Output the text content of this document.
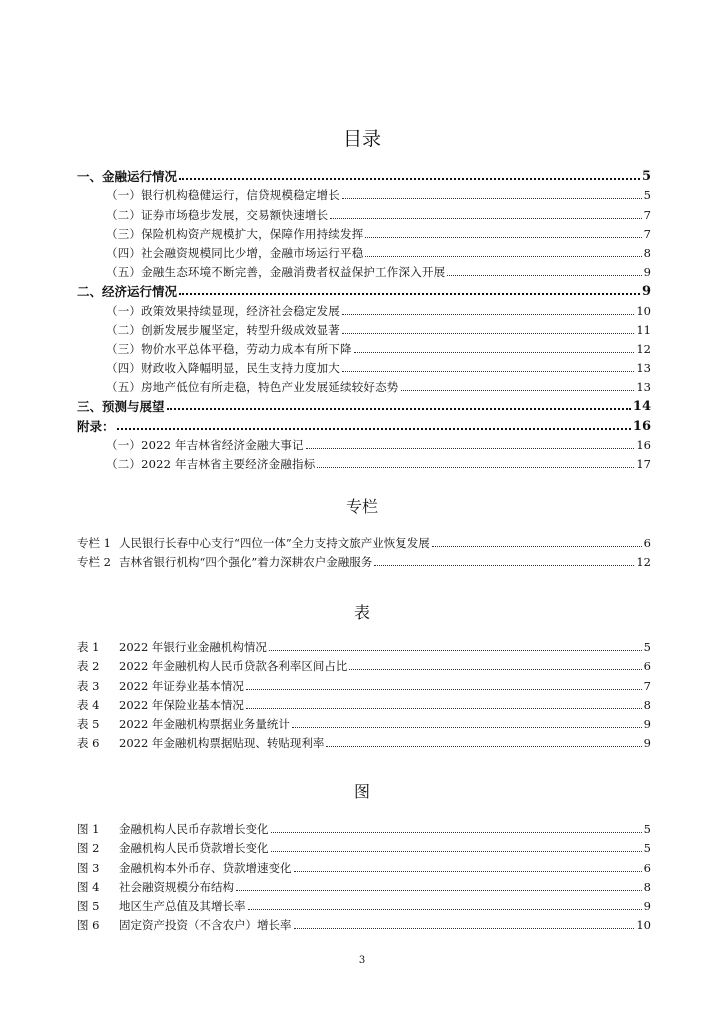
目录
一、金融运行情况	5
（一）银行机构稳健运行，信贷规模稳定增长	5
（二）证券市场稳步发展，交易额快速增长	7
（三）保险机构资产规模扩大，保障作用持续发挥	7
（四）社会融资规模同比少增，金融市场运行平稳	8
（五）金融生态环境不断完善，金融消费者权益保护工作深入开展	9
二、经济运行情况	9
（一）政策效果持续显现，经济社会稳定发展	10
（二）创新发展步履坚定，转型升级成效显著	11
（三）物价水平总体平稳，劳动力成本有所下降	12
（四）财政收入降幅明显，民生支持力度加大	13
（五）房地产低位有所走稳，特色产业发展延续较好态势	13
三、预测与展望	14
附录：	16
（一）2022 年吉林省经济金融大事记	16
（二）2022 年吉林省主要经济金融指标	17
专栏
专栏 1 人民银行长春中心支行“四位一体”全力支持文旅产业恢复发展	6
专栏 2 吉林省银行机构“四个强化”着力深耕农户金融服务	12
表
表 1 2022 年银行业金融机构情况	5
表 2 2022 年金融机构人民币贷款各利率区间占比	6
表 3 2022 年证券业基本情况	7
表 4 2022 年保险业基本情况	8
表 5 2022 年金融机构票据业务量统计	9
表 6 2022 年金融机构票据贴现、转贴现利率	9
图
图 1 金融机构人民币存款增长变化	5
图 2 金融机构人民币贷款增长变化	5
图 3 金融机构本外币存、贷款增速变化	6
图 4 社会融资规模分布结构	8
图 5 地区生产总值及其增长率	9
图 6 固定资产投资（不含农户）增长率	10
3
